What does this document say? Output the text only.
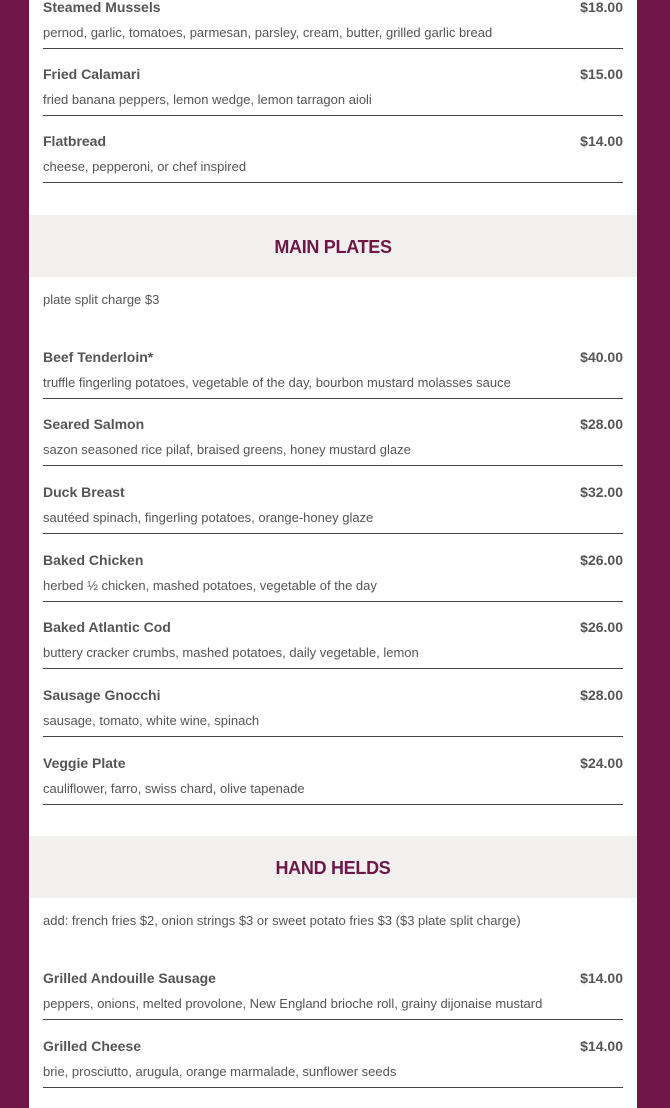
Steamed Mussels	$18.00
pernod, garlic, tomatoes, parmesan, parsley, cream, butter, grilled garlic bread
Fried Calamari	$15.00
fried banana peppers, lemon wedge, lemon tarragon aioli
Flatbread	$14.00
cheese, pepperoni, or chef inspired
MAIN PLATES
plate split charge $3
Beef Tenderloin*	$40.00
truffle fingerling potatoes, vegetable of the day, bourbon mustard molasses sauce
Seared Salmon	$28.00
sazon seasoned rice pilaf, braised greens, honey mustard glaze
Duck Breast	$32.00
sautéed spinach, fingerling potatoes, orange-honey glaze
Baked Chicken	$26.00
herbed ½ chicken, mashed potatoes, vegetable of the day
Baked Atlantic Cod	$26.00
buttery cracker crumbs, mashed potatoes, daily vegetable, lemon
Sausage Gnocchi	$28.00
sausage, tomato, white wine, spinach
Veggie Plate	$24.00
cauliflower, farro, swiss chard, olive tapenade
HAND HELDS
add: french fries $2, onion strings $3 or sweet potato fries $3 ($3 plate split charge)
Grilled Andouille Sausage	$14.00
peppers, onions, melted provolone, New England brioche roll, grainy dijonaise mustard
Grilled Cheese	$14.00
brie, prosciutto, arugula, orange marmalade, sunflower seeds
